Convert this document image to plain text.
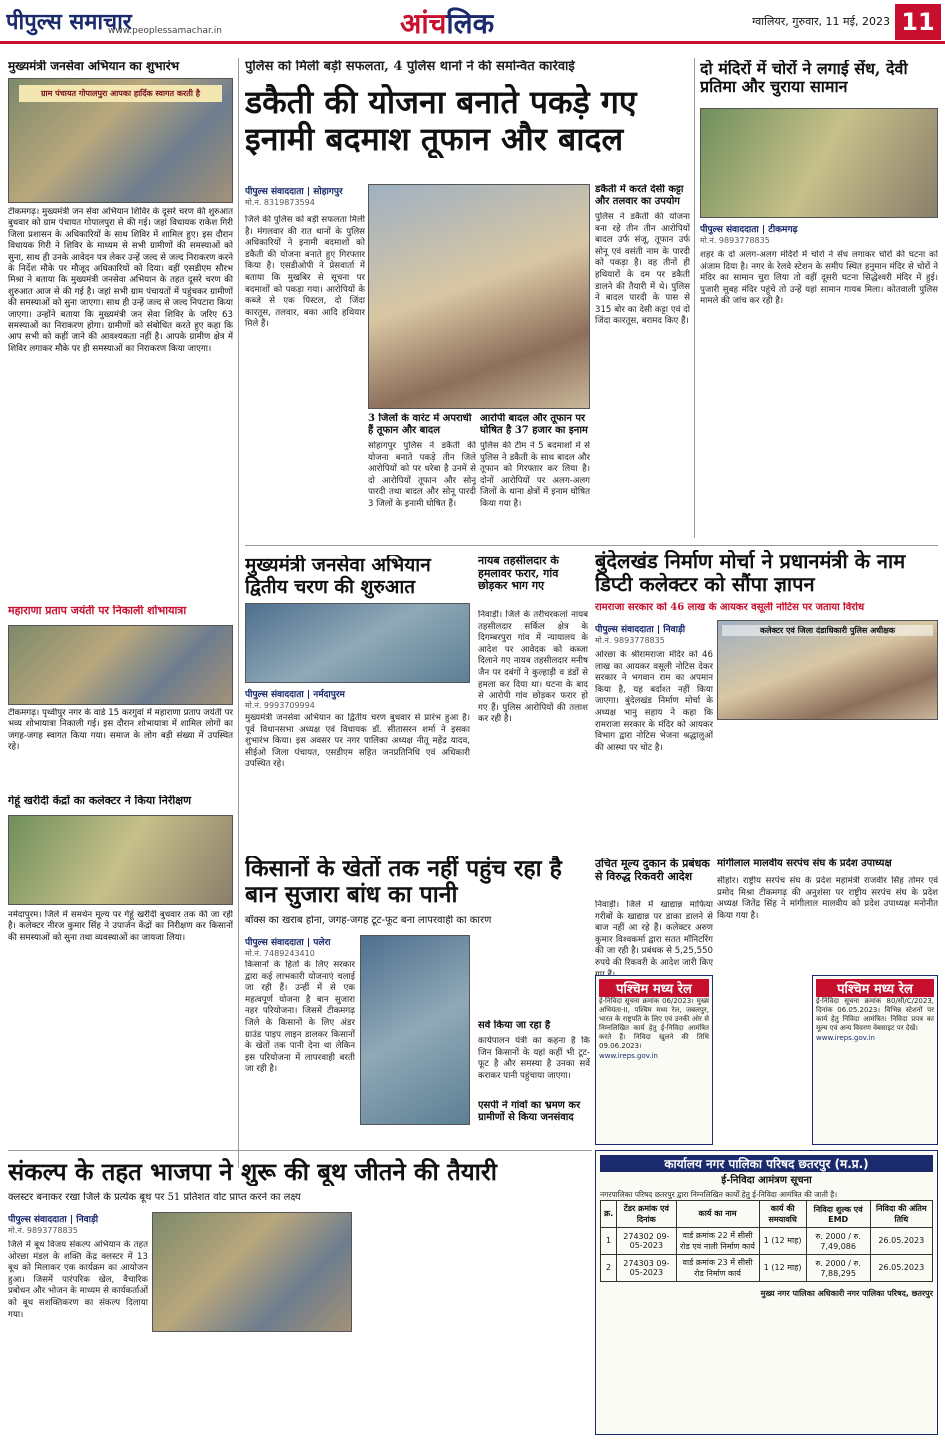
पीपुल्स समाचार
www.peoplessamachar.in	आंचलिक	ग्वालियर, गुरुवार, 11 मई, 2023 11
मुख्यमंत्री जनसेवा अभियान का शुभारंभ
ग्राम पंचायत गोपालपुरा आपका हार्दिक स्वागत करती है
टीकमगढ़। मुख्यमंत्री जन सेवा अभियान शिविर के दूसरे चरण की शुरुआत बुधवार को ग्राम पंचायत गोपालपुरा से की गई। जहां विधायक राकेश गिरी जिला प्रशासन के अधिकारियों के साथ शिविर में शामिल हुए। इस दौरान विधायक गिरी ने शिविर के माध्यम से सभी ग्रामीणों की समस्याओं को सुना, साथ ही उनके आवेदन पत्र लेकर उन्हें जल्द से जल्द निराकरण करने के निर्देश मौके पर मौजूद अधिकारियों को दिया। वहीं एसडीएम सौरभ मिश्रा ने बताया कि मुख्यमंत्री जनसेवा अभियान के तहत दूसरे चरण की शुरुआत आज से की गई है। जहां सभी ग्राम पंचायतों में पहुंचकर ग्रामीणों की समस्याओं को सुना जाएगा। साथ ही उन्हें जल्द से जल्द निपटारा किया जाएगा। उन्होंने बताया कि मुख्यमंत्री जन सेवा शिविर के जरिए 63 समस्याओं का निराकरण होगा। ग्रामीणों को संबोधित करते हुए कहा कि आप सभी को कहीं जाने की आवश्यकता नहीं है। आपके ग्रामीण क्षेत्र में शिविर लगाकर मौके पर ही समस्याओं का निराकरण किया जाएगा।
पुलिस को मिली बड़ी सफलता, 4 पुलिस थानों ने की समन्वित कार्रवाई
डकैती की योजना बनाते पकड़े गए इनामी बदमाश तूफान और बादल
पीपुल्स संवाददाता | सोहागपुर
मो.नं. 8319873594
जिले की पुलिस को बड़ी सफलता मिली है। मंगलवार की रात थानों के पुलिस अधिकारियों ने इनामी बदमाशों को डकैती की योजना बनाते हुए गिरफ्तार किया है। एसडीओपी ने प्रेसवार्ता में बताया कि मुखबिर से सूचना पर बदमाशों को पकड़ा गया। आरोपियों के कब्जे से एक पिस्टल, दो जिंदा कारतूस, तलवार, बका आदि हथियार मिले हैं।
3 जिलों के वारंट में अपराधी हैं तूफान और बादल
सोहागपुर पुलिस ने डकैती की योजना बनाते पकड़े तीन जिले आरोपियों को पर धरेबा है उनमें से दो आरोपियों तूफान और सोनू पारदी तथा बादल और सोनू पारदी 3 जिलों के इनामी घोषित हैं।
आरोपी बादल और तूफान पर घोषित है 37 हजार का इनाम
पुलिस की टीम ने 5 बदमाशों में से पुलिस ने डकैती के साथ बादल और तूफान को गिरफ्तार कर लिया है। दोनों आरोपियों पर अलग-अलग जिलों के थाना क्षेत्रों में इनाम घोषित किया गया है।
डकैती में करते देसी कट्टा और तलवार का उपयोग
पुलिस ने डकैती की योजना बना रहे तीन तीन आरोपियों बादल उर्फ संजू, तूफान उर्फ सोनू एवं वसंती नाम के पारदी को पकड़ा है। वह तीनों ही हथियारों के दम पर डकैती डालने की तैयारी में थे। पुलिस ने बादल पारदी के पास से 315 बोर का देसी कट्टा एवं दो जिंदा कारतूस, बरामद किए हैं।
दो मंदिरों में चोरों ने लगाई सेंध, देवी प्रतिमा और चुराया सामान
पीपुल्स संवाददाता | टीकमगढ़
मो.नं. 9893778835
शहर के दो अलग-अलग मंदिरों में चोरों ने सेंध लगाकर चोरों की घटना को अंजाम दिया है। नगर के रेलवे स्टेशन के समीप स्थित हनुमान मंदिर से चोरों ने मंदिर का सामान चुरा लिया तो वहीं दूसरी घटना सिद्धेश्वरी मंदिर में हुई। पुजारी सुबह मंदिर पहुंचे तो उन्हें यहां सामान गायब मिला। कोतवाली पुलिस मामले की जांच कर रही है।
मुख्यमंत्री जनसेवा अभियान द्वितीय चरण की शुरुआत
पीपुल्स संवाददाता | नर्मदापुरम
मो.नं. 9993709994
मुख्यमंत्री जनसेवा अभियान का द्वितीय चरण बुधवार से प्रारंभ हुआ है। पूर्व विधानसभा अध्यक्ष एवं विधायक डॉ. सीतासरन शर्मा ने इसका शुभारंभ किया। इस अवसर पर नगर पालिका अध्यक्ष नीतू महेंद्र यादव, सीईओ जिला पंचायत, एसडीएम सहित जनप्रतिनिधि एवं अधिकारी उपस्थित रहे।
नायब तहसीलदार के हमलावर फरार, गांव छोड़कर भाग गए
निवाड़ी। जिले के तरीचरकलां नायब तहसीलदार सर्किल क्षेत्र के दिगम्बरपुरा गांव में न्यायालय के आदेश पर आवेदक को कब्जा दिलाने गए नायब तहसीलदार मनीष जैन पर दबंगों ने कुल्हाड़ी व डंडों से हमला कर दिया था। घटना के बाद से आरोपी गांव छोड़कर फरार हो गए हैं। पुलिस आरोपियों की तलाश कर रही है।
बुंदेलखंड निर्माण मोर्चा ने प्रधानमंत्री के नाम डिप्टी कलेक्टर को सौंपा ज्ञापन
रामराजा सरकार को 46 लाख के आयकर वसूली नोटिस पर जताया विरोध
पीपुल्स संवाददाता | निवाड़ी
मो.नं. 9893778835
कलेक्टर एवं जिला दंडाधिकारी पुलिस अधीक्षक
ओरछा के श्रीरामराजा मंदिर को 46 लाख का आयकर वसूली नोटिस देकर सरकार ने भगवान राम का अपमान किया है, यह बर्दाश्त नहीं किया जाएगा। बुंदेलखंड निर्माण मोर्चा के अध्यक्ष भानु सहाय ने कहा कि रामराजा सरकार के मंदिर को आयकर विभाग द्वारा नोटिस भेजना श्रद्धालुओं की आस्था पर चोट है।
उचित मूल्य दुकान के प्रबंधक से विरुद्ध रिकवरी आदेश
निवाड़ी। जिले में खाद्यान्न माफिया गरीबों के खाद्यान्न पर डाका डालने से बाज नहीं आ रहे हैं। कलेक्टर अरुण कुमार विश्वकर्मा द्वारा सतत मॉनिटरिंग की जा रही है। प्रबंधक से 5,25,550 रुपये की रिकवरी के आदेश जारी किए
मांगीलाल मालवीय सरपंच संघ के प्रदेश उपाध्यक्ष
सीहोर। राष्ट्रीय सरपंच संघ के प्रदेश महामंत्री राजवीर सिंह तोमर एवं प्रमोद मिश्रा टीकमगढ़ की अनुशंसा पर राष्ट्रीय सरपंच संघ के प्रदेश अध्यक्ष जितेंद्र सिंह ने मांगीलाल मालवीय को प्रदेश उपाध्यक्ष मनोनीत किया गया है।
महाराणा प्रताप जयंती पर निकाली शोभायात्रा
टीकमगढ़। पृथ्वीपुर नगर के वार्ड 15 करगुवां में महाराणा प्रताप जयंती पर भव्य शोभायात्रा निकाली गई। इस दौरान शोभायात्रा में शामिल लोगों का जगह-जगह स्वागत किया गया। समाज के लोग बड़ी संख्या में उपस्थित रहे।
गेहूं खरीदी केंद्रों का कलेक्टर ने किया निरीक्षण
नर्मदापुरम। जिले में समर्थन मूल्य पर गेहूं खरीदी बुधवार तक की जा रही है। कलेक्टर नीरज कुमार सिंह ने उपार्जन केंद्रों का निरीक्षण कर किसानों की समस्याओं को सुना तथा व्यवस्थाओं का जायजा लिया।
किसानों के खेतों तक नहीं पहुंच रहा है बान सुजारा बांध का पानी
बॉक्स का खराब होना, जगह-जगह टूट-फूट बना लापरवाही का कारण
पीपुल्स संवाददाता | पलेरा
मो.नं. 7489243410
किसानों के हितों के लिए सरकार द्वारा कई लाभकारी योजनाएं चलाई जा रही हैं। उन्हीं में से एक महत्वपूर्ण योजना है बान सुजारा नहर परियोजना। जिसमें टीकमगढ़ जिले के किसानों के लिए अंडर ग्राउंड पाइप लाइन डालकर किसानों के खेतों तक पानी देना था लेकिन इस परियोजना में लापरवाही बरती जा रही है।
सर्वे किया जा रहा है
कार्यपालन यंत्री का कहना है कि जिन किसानों के यहां कहीं भी टूट-फूट है और समस्या है उनका सर्वे कराकर पानी पहुंचाया जाएगा।
एसपी ने गांवों का भ्रमण कर ग्रामीणों से किया जनसंवाद
पश्चिम मध्य रेल
ई-निविदा सूचना क्रमांक 06/2023। मुख्य अभियंता-II, पश्चिम मध्य रेल, जबलपुर, भारत के राष्ट्रपति के लिए एवं उनकी ओर से निम्नलिखित कार्य हेतु ई-निविदा आमंत्रित करते हैं। निविदा खुलने की तिथि 09.06.2023।
www.ireps.gov.in
पश्चिम मध्य रेल
ई-निविदा सूचना क्रमांक 80/सी/C/2023, दिनांक 06.05.2023। विभिन्न स्टेशनों पर कार्य हेतु निविदा आमंत्रित। निविदा प्रपत्र का मूल्य एवं अन्य विवरण वेबसाइट पर देखें।
www.ireps.gov.in
संकल्प के तहत भाजपा ने शुरू की बूथ जीतने की तैयारी
क्लस्टर बनाकर रखा जिले के प्रत्येक बूथ पर 51 प्रतिशत वोट प्राप्त करने का लक्ष्य
पीपुल्स संवाददाता | निवाड़ी
मो.नं. 9893778835
जिले में बूथ विजय संकल्प अभियान के तहत ओरछा मंडल के शक्ति केंद्र क्लस्टर में 13 बूथ को मिलाकर एक कार्यक्रम का आयोजन हुआ। जिसमें पारंपरिक खेल, वैचारिक प्रबोधन और भोजन के माध्यम से कार्यकर्ताओं को बूथ सशक्तिकरण का संकल्प दिलाया गया।
कार्यालय नगर पालिका परिषद छतरपुर (म.प्र.)
ई-निविदा आमंत्रण सूचना
नगरपालिका परिषद छतरपुर द्वारा निम्नलिखित कार्यों हेतु ई-निविदा आमंत्रित की जाती है।
क्र.	टेंडर क्रमांक एवं दिनांक	कार्य का नाम	कार्य की समयावधि	निविदा शुल्क एवं EMD	निविदा की अंतिम तिथि
1	274302 09-05-2023	वार्ड क्रमांक 22 में सीसी रोड एवं नाली निर्माण कार्य	1 (12 माह)	रु. 2000 / रु. 7,49,086	26.05.2023
2	274303 09-05-2023	वार्ड क्रमांक 23 में सीसी रोड निर्माण कार्य	1 (12 माह)	रु. 2000 / रु. 7,88,295	26.05.2023
मुख्य नगर पालिका अधिकारी नगर पालिका परिषद, छतरपुर
